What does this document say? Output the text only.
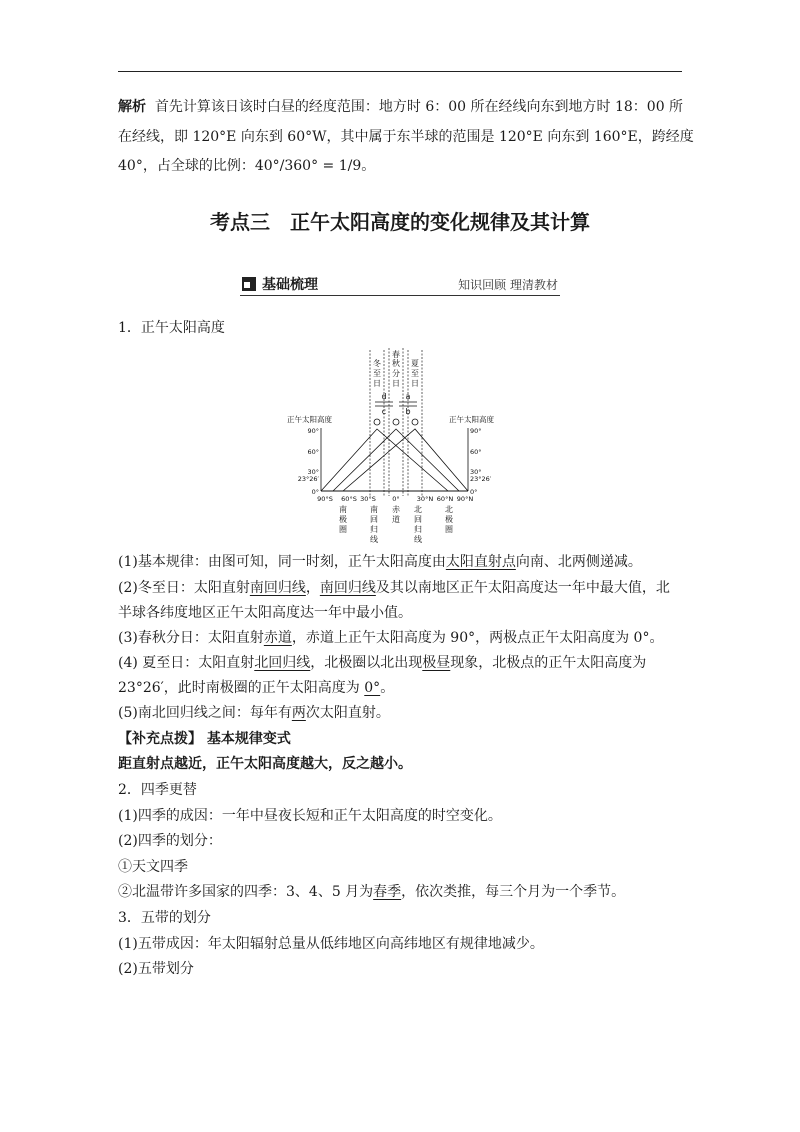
解析 首先计算该日该时白昼的经度范围：地方时 6：00 所在经线向东到地方时 18：00 所
在经线，即 120°E 向东到 60°W，其中属于东半球的范围是 120°E 向东到 160°E，跨经度
40°，占全球的比例：40°/360° = 1/9。
考点三　正午太阳高度的变化规律及其计算
基础梳理	知识回顾 理清教材
1．正午太阳高度
冬
至
日
春
秋
分
日
夏
至
日
d
c
a
b
正午太阳高度	正午太阳高度
90°
60°
30°
23°26′
0°
90°
60°
30°
23°26′
0°
90°S 60°S 30°S	0°	30°N 60°N 90°N
南
极
圈
南
回
归
线
赤
道
北
回
归
线
北
极
圈
(1)基本规律：由图可知，同一时刻，正午太阳高度由太阳直射点向南、北两侧递减。
(2)冬至日：太阳直射南回归线，南回归线及其以南地区正午太阳高度达一年中最大值，北
半球各纬度地区正午太阳高度达一年中最小值。
(3)春秋分日：太阳直射赤道，赤道上正午太阳高度为 90°，两极点正午太阳高度为 0°。
(4) 夏至日：太阳直射北回归线，北极圈以北出现极昼现象，北极点的正午太阳高度为
23°26′，此时南极圈的正午太阳高度为 0°。
(5)南北回归线之间：每年有两次太阳直射。
【补充点拨】 基本规律变式
距直射点越近，正午太阳高度越大，反之越小。
2．四季更替
(1)四季的成因：一年中昼夜长短和正午太阳高度的时空变化。
(2)四季的划分：
①天文四季
②北温带许多国家的四季：3、4、5 月为春季，依次类推，每三个月为一个季节。
3．五带的划分
(1)五带成因：年太阳辐射总量从低纬地区向高纬地区有规律地减少。
(2)五带划分
